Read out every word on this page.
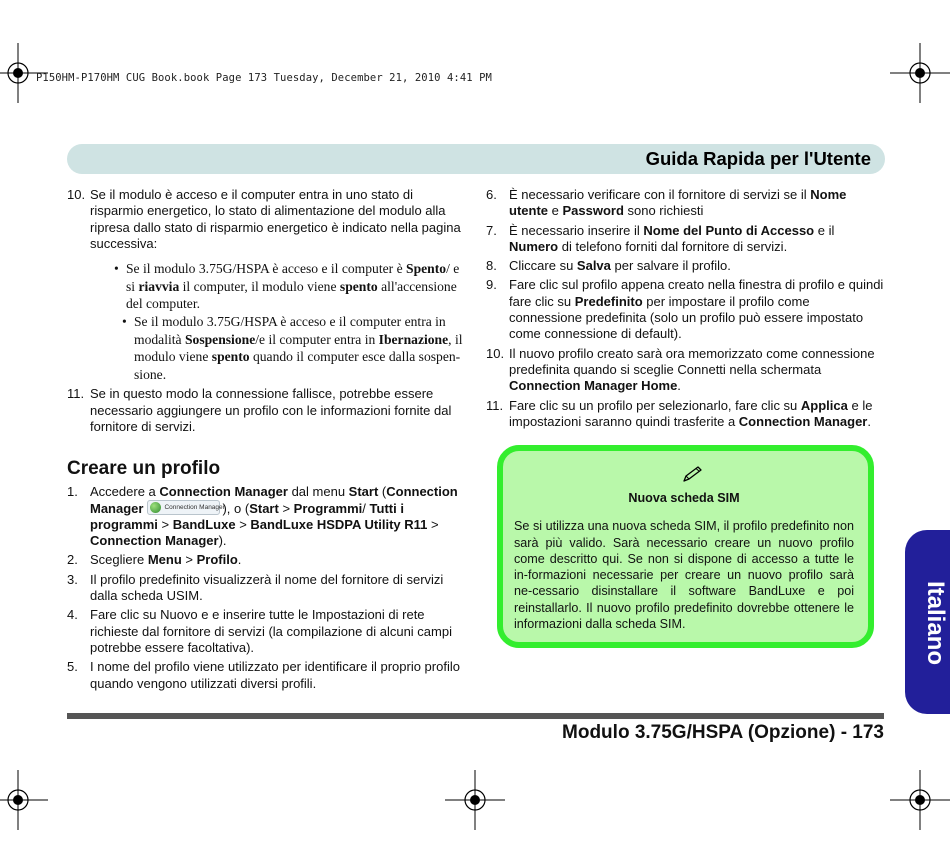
P150HM-P170HM CUG Book.book Page 173 Tuesday, December 21, 2010 4:41 PM
Guida Rapida per l'Utente
10. Se il modulo è acceso e il computer entra in uno stato di risparmio energetico, lo stato di alimentazione del modulo alla ripresa dallo stato di risparmio energetico è indicato nella pagina successiva:
• Se il modulo 3.75G/HSPA è acceso e il computer è Spento/ e si riavvia il computer, il modulo viene spento all'accensione del computer.
• Se il modulo 3.75G/HSPA è acceso e il computer entra in modalità Sospensione/e il computer entra in Ibernazione, il modulo viene spento quando il computer esce dalla sospen-sione.
11. Se in questo modo la connessione fallisce, potrebbe essere necessario aggiungere un profilo con le informazioni fornite dal fornitore di servizi.
Creare un profilo
1. Accedere a Connection Manager dal menu Start (Connection Manager	Connection Manager
), o (Start > Programmi/ Tutti i programmi > BandLuxe > BandLuxe HSDPA Utility R11 > Connection Manager).
2. Scegliere Menu > Profilo.
3. Il profilo predefinito visualizzerà il nome del fornitore di servizi dalla scheda USIM.
4. Fare clic su Nuovo e e inserire tutte le Impostazioni di rete richieste dal fornitore di servizi (la compilazione di alcuni campi potrebbe essere facoltativa).
5. I nome del profilo viene utilizzato per identificare il proprio profilo quando vengono utilizzati diversi profili.
6. È necessario verificare con il fornitore di servizi se il Nome utente e Password sono richiesti
7. È necessario inserire il Nome del Punto di Accesso e il Numero di telefono forniti dal fornitore di servizi.
8. Cliccare su Salva per salvare il profilo.
9. Fare clic sul profilo appena creato nella finestra di profilo e quindi fare clic su Predefinito per impostare il profilo come connessione predefinita (solo un profilo può essere impostato come connessione di default).
10. Il nuovo profilo creato sarà ora memorizzato come connessione predefinita quando si sceglie Connetti nella schermata Connection Manager Home.
11. Fare clic su un profilo per selezionarlo, fare clic su Applica e le impostazioni saranno quindi trasferite a Connection Manager.
Nuova scheda SIM
Se si utilizza una nuova scheda SIM, il profilo predefinito non sarà più valido. Sarà necessario creare un nuovo profilo come descritto qui. Se non si dispone di accesso a tutte le in-formazioni necessarie per creare un nuovo profilo sarà ne-cessario disinstallare il software BandLuxe e poi reinstallarlo. Il nuovo profilo predefinito dovrebbe ottenere le informazioni dalla scheda SIM.	Italiano
Modulo 3.75G/HSPA (Opzione) - 173
